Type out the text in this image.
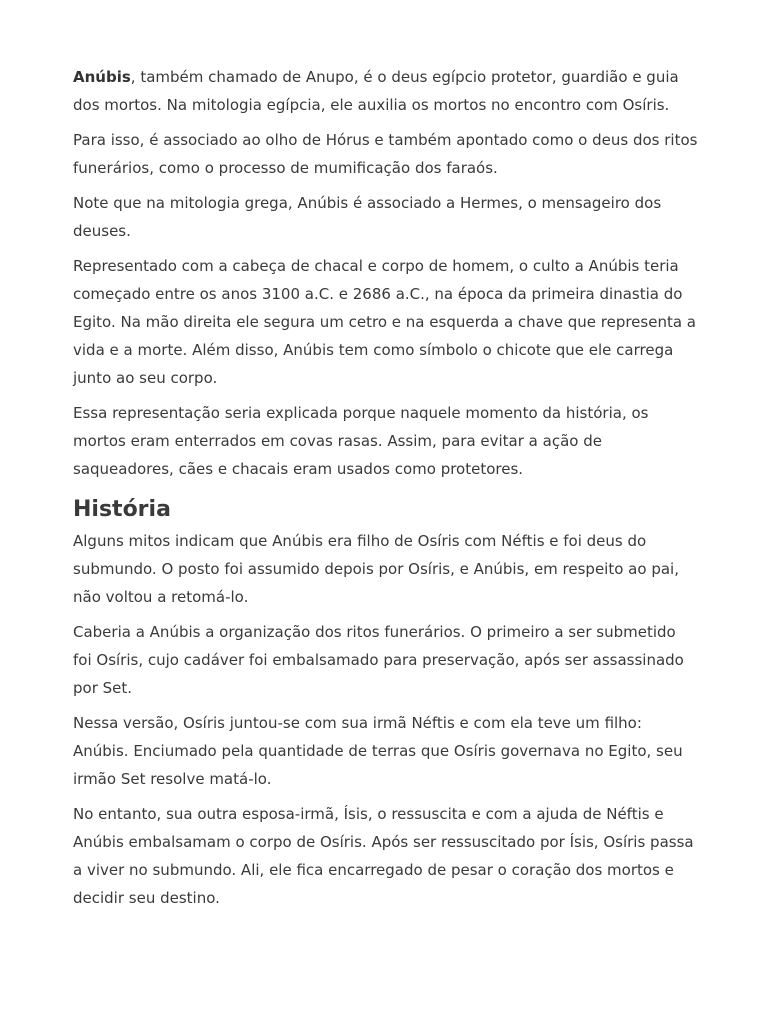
Anúbis, também chamado de Anupo, é o deus egípcio protetor, guardião e guia dos mortos. Na mitologia egípcia, ele auxilia os mortos no encontro com Osíris.

Para isso, é associado ao olho de Hórus e também apontado como o deus dos ritos funerários, como o processo de mumificação dos faraós.

Note que na mitologia grega, Anúbis é associado a Hermes, o mensageiro dos deuses.

Representado com a cabeça de chacal e corpo de homem, o culto a Anúbis teria começado entre os anos 3100 a.C. e 2686 a.C., na época da primeira dinastia do Egito. Na mão direita ele segura um cetro e na esquerda a chave que representa a vida e a morte. Além disso, Anúbis tem como símbolo o chicote que ele carrega junto ao seu corpo.

Essa representação seria explicada porque naquele momento da história, os mortos eram enterrados em covas rasas. Assim, para evitar a ação de saqueadores, cães e chacais eram usados como protetores.

História

Alguns mitos indicam que Anúbis era filho de Osíris com Néftis e foi deus do submundo. O posto foi assumido depois por Osíris, e Anúbis, em respeito ao pai, não voltou a retomá-lo.

Caberia a Anúbis a organização dos ritos funerários. O primeiro a ser submetido foi Osíris, cujo cadáver foi embalsamado para preservação, após ser assassinado por Set.

Nessa versão, Osíris juntou-se com sua irmã Néftis e com ela teve um filho: Anúbis. Enciumado pela quantidade de terras que Osíris governava no Egito, seu irmão Set resolve matá-lo.

No entanto, sua outra esposa-irmã, Ísis, o ressuscita e com a ajuda de Néftis e Anúbis embalsamam o corpo de Osíris. Após ser ressuscitado por Ísis, Osíris passa a viver no submundo. Ali, ele fica encarregado de pesar o coração dos mortos e decidir seu destino.
